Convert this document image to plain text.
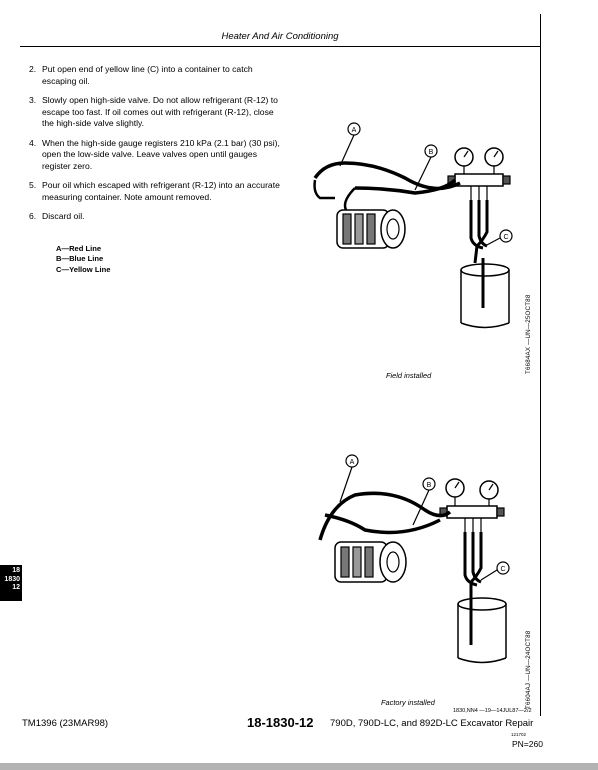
Heater And Air Conditioning
2. Put open end of yellow line (C) into a container to catch escaping oil.
3. Slowly open high-side valve. Do not allow refrigerant (R-12) to escape too fast. If oil comes out with refrigerant (R-12), close the high-side valve slightly.
4. When the high-side gauge registers 210 kPa (2.1 bar) (30 psi), open the low-side valve. Leave valves open until gauges register zero.
5. Pour oil which escaped with refrigerant (R-12) into an accurate measuring container. Note amount removed.
6. Discard oil.
A—Red Line
B—Blue Line
C—Yellow Line
A
B
C
T6684AX —UN—25OCT88
Field installed
A
B
C
T6604AJ —UN—24OCT88
Factory installed
1830,NN4 —19—14JUL87—2/2
18
1830
12
TM1396 (23MAR98)	18-1830-12 790D, 790D-LC, and 892D-LC Excavator Repair
121702
PN=260
